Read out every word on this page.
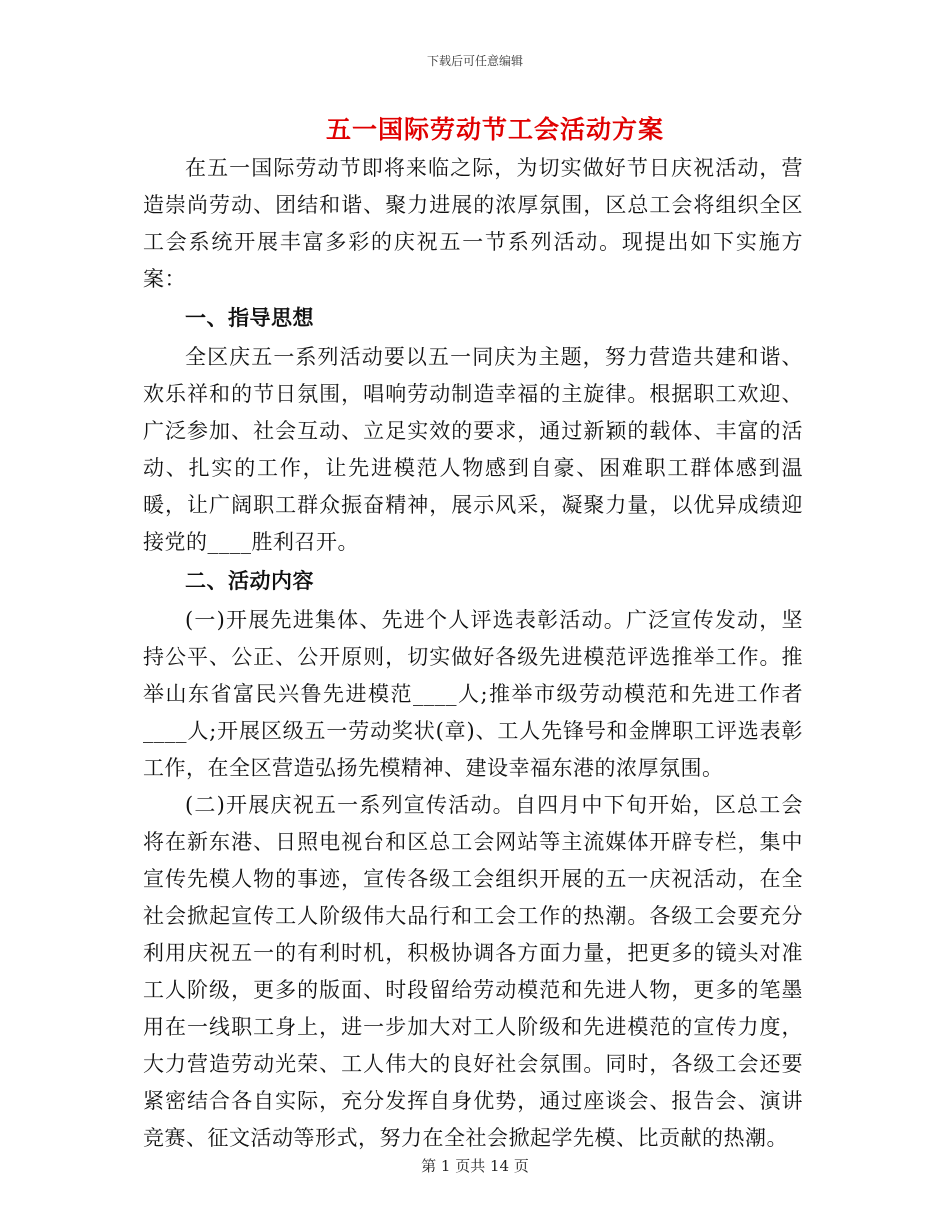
下载后可任意编辑
五一国际劳动节工会活动方案

在五一国际劳动节即将来临之际，为切实做好节日庆祝活动，营造崇尚劳动、团结和谐、聚力进展的浓厚氛围，区总工会将组织全区工会系统开展丰富多彩的庆祝五一节系列活动。现提出如下实施方案：

一、指导思想

全区庆五一系列活动要以五一同庆为主题，努力营造共建和谐、欢乐祥和的节日氛围，唱响劳动制造幸福的主旋律。根据职工欢迎、广泛参加、社会互动、立足实效的要求，通过新颖的载体、丰富的活动、扎实的工作，让先进模范人物感到自豪、困难职工群体感到温暖，让广阔职工群众振奋精神，展示风采，凝聚力量，以优异成绩迎接党的____胜利召开。

二、活动内容

(一)开展先进集体、先进个人评选表彰活动。广泛宣传发动，坚持公平、公正、公开原则，切实做好各级先进模范评选推举工作。推举山东省富民兴鲁先进模范____人;推举市级劳动模范和先进工作者____人;开展区级五一劳动奖状(章)、工人先锋号和金牌职工评选表彰工作，在全区营造弘扬先模精神、建设幸福东港的浓厚氛围。

(二)开展庆祝五一系列宣传活动。自四月中下旬开始，区总工会将在新东港、日照电视台和区总工会网站等主流媒体开辟专栏，集中宣传先模人物的事迹，宣传各级工会组织开展的五一庆祝活动，在全社会掀起宣传工人阶级伟大品行和工会工作的热潮。各级工会要充分利用庆祝五一的有利时机，积极协调各方面力量，把更多的镜头对准工人阶级，更多的版面、时段留给劳动模范和先进人物，更多的笔墨用在一线职工身上，进一步加大对工人阶级和先进模范的宣传力度，大力营造劳动光荣、工人伟大的良好社会氛围。同时，各级工会还要紧密结合各自实际，充分发挥自身优势，通过座谈会、报告会、演讲竞赛、征文活动等形式，努力在全社会掀起学先模、比贡献的热潮。

第 1 页共 14 页
